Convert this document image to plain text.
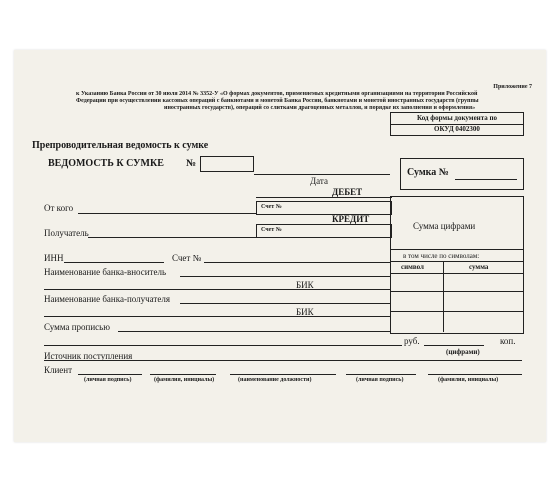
Приложение 7
к Указанию Банка России от 30 июля 2014 № 3352-У «О формах документов, применяемых кредитными организациями на территории Российской
Федерации при осуществлении кассовых операций с банкнотами и монетой Банка России, банкнотами и монетой иностранных государств (группы
иностранных государств), операций со слитками драгоценных металлов, и порядке их заполнения и оформления»
Код формы документа по
ОКУД 0402300
Препроводительная ведомость к сумке
ВЕДОМОСТЬ К СУМКЕ №
Дата
Сумка №
ДЕБЕТ
Сумма цифрами
в том числе по символам:
символ	сумма
От кого	Счет №
КРЕДИТ
Счет №
Получатель
ИНН	Счет №
Наименование банка-вноситель
БИК
Наименование банка-получателя
БИК
Сумма прописью
руб.	коп.
(цифрами)
Источник поступления
Клиент
(личная подпись)	(фамилия, инициалы)	(наименование должности)	(личная подпись)	(фамилия, инициалы)
